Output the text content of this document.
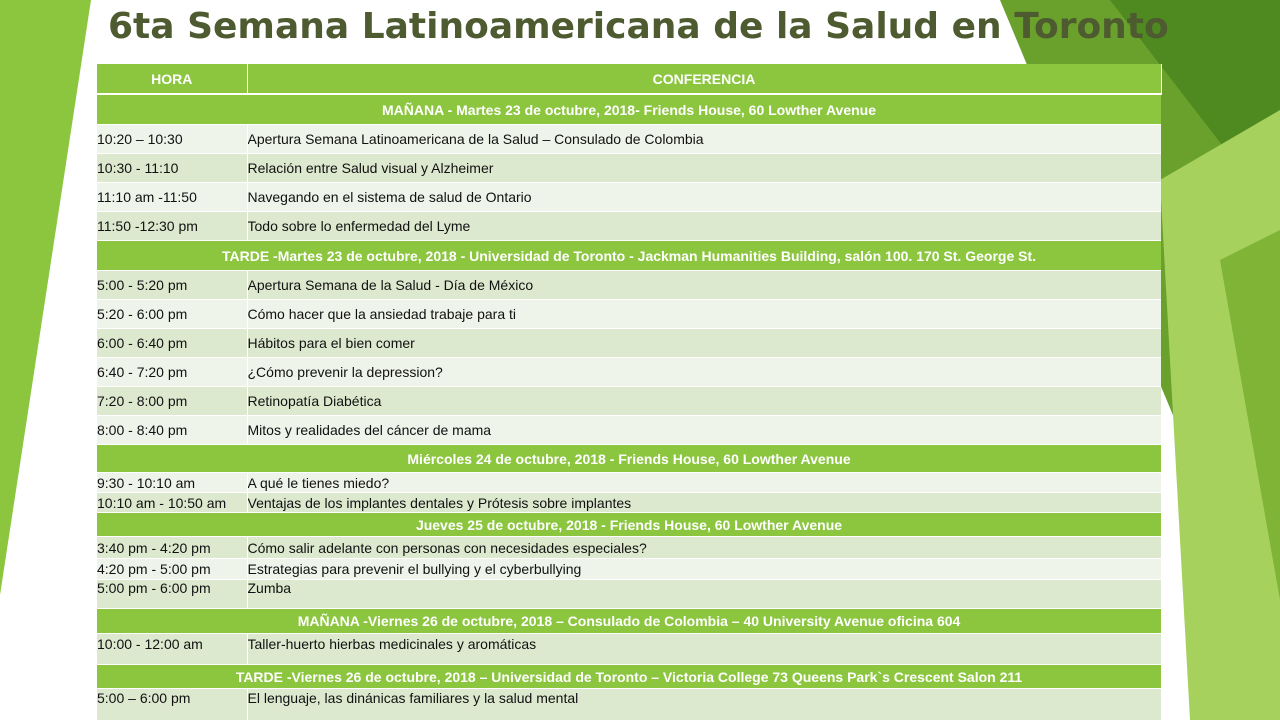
6ta Semana Latinoamericana de la Salud en Toronto
HORA	CONFERENCIA
MAÑANA - Martes 23 de octubre, 2018- Friends House, 60 Lowther Avenue	
10:20 – 10:30	Apertura Semana Latinoamericana de la Salud – Consulado de Colombia
10:30 - 11:10	Relación entre Salud visual y Alzheimer
11:10 am -11:50	Navegando en el sistema de salud de Ontario
11:50 -12:30 pm	Todo sobre lo enfermedad del Lyme
TARDE -Martes 23 de octubre, 2018 - Universidad de Toronto - Jackman Humanities Building, salón 100. 170 St. George St.	
5:00 - 5:20 pm	Apertura Semana de la Salud - Día de México
5:20 - 6:00 pm	Cómo hacer que la ansiedad trabaje para ti
6:00 - 6:40 pm	Hábitos para el bien comer
6:40 - 7:20 pm	¿Cómo prevenir la depression?
7:20 - 8:00 pm	Retinopatía Diabética
8:00 - 8:40 pm	Mitos y realidades del cáncer de mama
Miércoles 24 de octubre, 2018 - Friends House, 60 Lowther Avenue	
9:30 - 10:10 am	A qué le tienes miedo?
10:10 am - 10:50 am	Ventajas de los implantes dentales y Prótesis sobre implantes
Jueves 25 de octubre, 2018 - Friends House, 60 Lowther Avenue	
3:40 pm - 4:20 pm	Cómo salir adelante con personas con necesidades especiales?
4:20 pm - 5:00 pm	Estrategias para prevenir el bullying y el cyberbullying
5:00 pm - 6:00 pm	Zumba
MAÑANA -Viernes 26 de octubre, 2018 – Consulado de Colombia – 40 University Avenue oficina 604	
10:00 - 12:00 am	Taller-huerto hierbas medicinales y aromáticas
TARDE -Viernes 26 de octubre, 2018 – Universidad de Toronto – Victoria College 73 Queens Park`s Crescent Salon 211	
5:00 – 6:00 pm	El lenguaje, las dinánicas familiares y la salud mental
